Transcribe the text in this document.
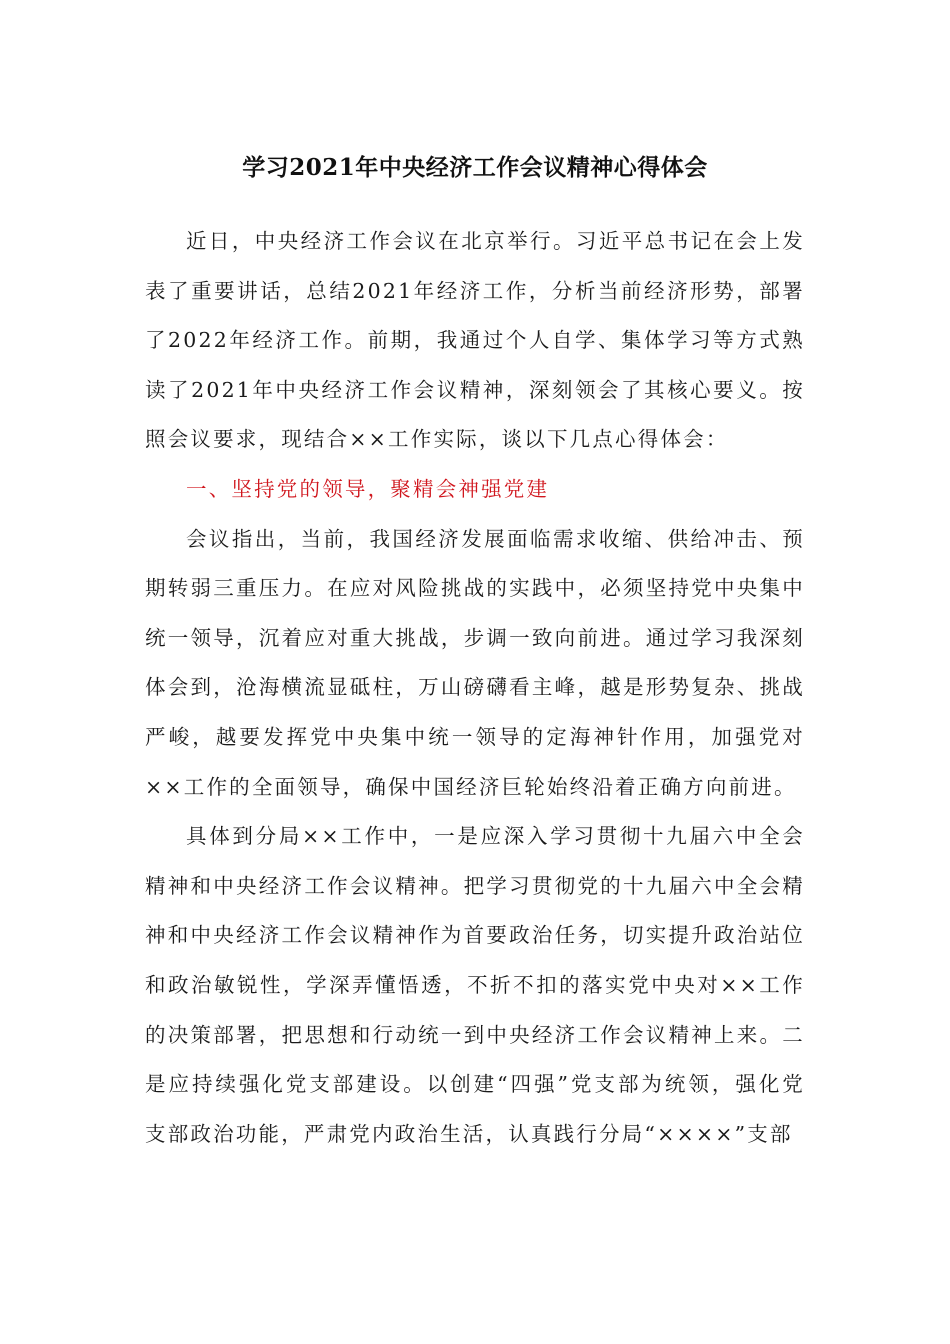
学习2021年中央经济工作会议精神心得体会

近日，中央经济工作会议在北京举行。习近平总书记在会上发表了重要讲话，总结2021年经济工作，分析当前经济形势，部署了2022年经济工作。前期，我通过个人自学、集体学习等方式熟读了2021年中央经济工作会议精神，深刻领会了其核心要义。按照会议要求，现结合××工作实际，谈以下几点心得体会：

一、坚持党的领导，聚精会神强党建

会议指出，当前，我国经济发展面临需求收缩、供给冲击、预期转弱三重压力。在应对风险挑战的实践中，必须坚持党中央集中统一领导，沉着应对重大挑战，步调一致向前进。通过学习我深刻体会到，沧海横流显砥柱，万山磅礴看主峰，越是形势复杂、挑战严峻，越要发挥党中央集中统一领导的定海神针作用，加强党对××工作的全面领导，确保中国经济巨轮始终沿着正确方向前进。

具体到分局××工作中，一是应深入学习贯彻十九届六中全会精神和中央经济工作会议精神。把学习贯彻党的十九届六中全会精神和中央经济工作会议精神作为首要政治任务，切实提升政治站位和政治敏锐性，学深弄懂悟透，不折不扣的落实党中央对××工作的决策部署，把思想和行动统一到中央经济工作会议精神上来。二是应持续强化党支部建设。以创建“四强”党支部为统领，强化党支部政治功能，严肃党内政治生活，认真践行分局“××××”支部
